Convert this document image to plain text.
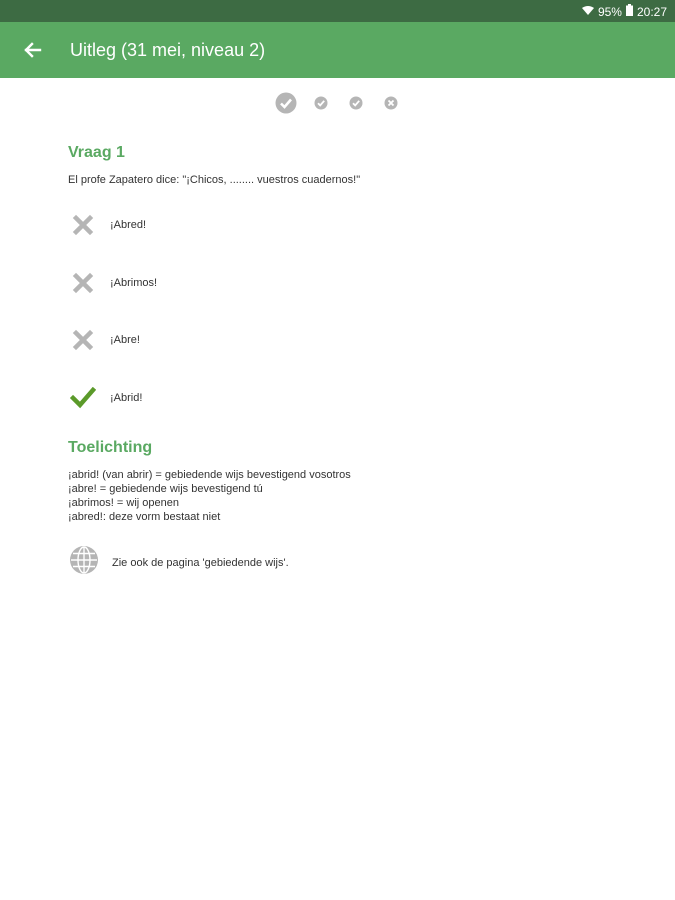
95% 20:27
Uitleg (31 mei, niveau 2)
Vraag 1
El profe Zapatero dice: "¡Chicos, ........ vuestros cuadernos!"
¡Abred!
¡Abrimos!
¡Abre!
¡Abrid!
Toelichting
¡abrid! (van abrir) = gebiedende wijs bevestigend vosotros
¡abre! = gebiedende wijs bevestigend tú
¡abrimos! = wij openen
¡abred!: deze vorm bestaat niet
Zie ook de pagina 'gebiedende wijs'.
